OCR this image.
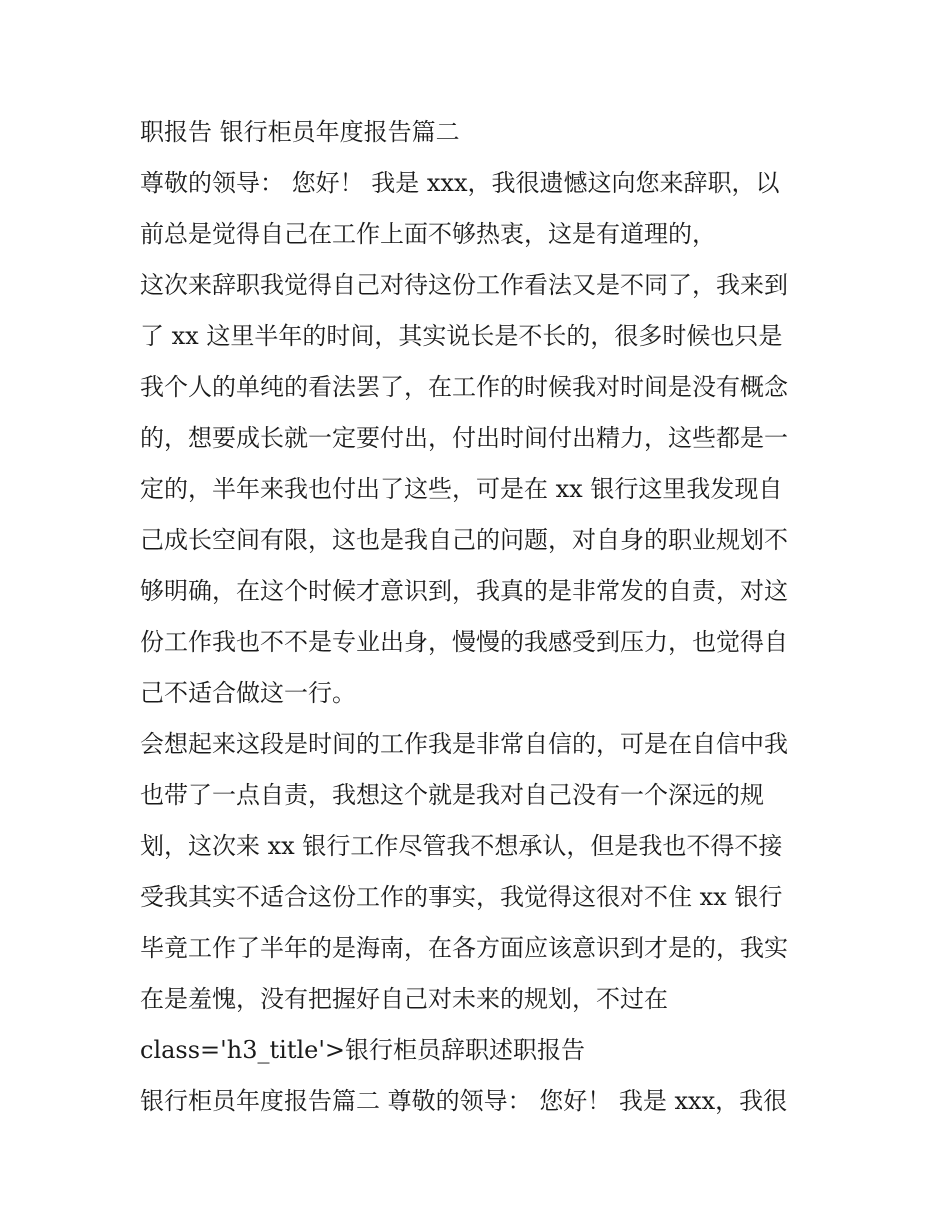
职报告 银行柜员年度报告篇二
尊敬的领导： 您好！ 我是 xxx，我很遗憾这向您来辞职，以
前总是觉得自己在工作上面不够热衷，这是有道理的，
这次来辞职我觉得自己对待这份工作看法又是不同了，我来到
了 xx 这里半年的时间，其实说长是不长的，很多时候也只是
我个人的单纯的看法罢了，在工作的时候我对时间是没有概念
的，想要成长就一定要付出，付出时间付出精力，这些都是一
定的，半年来我也付出了这些，可是在 xx 银行这里我发现自
己成长空间有限，这也是我自己的问题，对自身的职业规划不
够明确，在这个时候才意识到，我真的是非常发的自责，对这
份工作我也不不是专业出身，慢慢的我感受到压力，也觉得自
己不适合做这一行。
会想起来这段是时间的工作我是非常自信的，可是在自信中我
也带了一点自责，我想这个就是我对自己没有一个深远的规
划，这次来 xx 银行工作尽管我不想承认，但是我也不得不接
受我其实不适合这份工作的事实，我觉得这很对不住 xx 银行
毕竟工作了半年的是海南，在各方面应该意识到才是的，我实
在是羞愧，没有把握好自己对未来的规划，不过在
class='h3_title'>银行柜员辞职述职报告
银行柜员年度报告篇二 尊敬的领导： 您好！ 我是 xxx，我很
